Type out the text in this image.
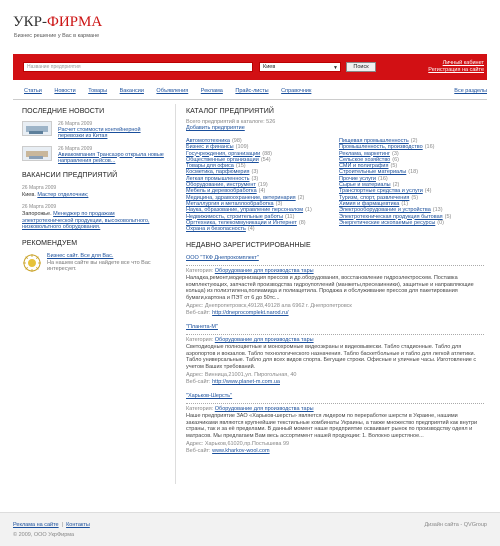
УКР-ФИРМА
Бизнес решение у Вас в кармане
Название предприятия	Киев	▼	Поиск
Личный кабинет
Регистрация на сайте
Статьи Новости Товары Вакансии Объявления Реклама Прайс-листы Справочник	Все разделы
ПОСЛЕДНИЕ НОВОСТИ
26 Марта 2009
Расчет стоимости контейнерной перевозки из Китая
26 Марта 2009
Авиакомпания Трансаэро открыла новые направления рейсов...
ВАКАНСИИ ПРЕДПРИЯТИЙ
26 Марта 2009
Киев. Мастер отделочник;
26 Марта 2009
Запорожье. Менеджер по продажам электротехнической продукции, высоковольтного, низковольтного оборудования.
РЕКОМЕНДУЕМ
Бизнес сайт. Все для Вас.
На нашем сайте вы найдете все что Вас интересует.
КАТАЛОГ ПРЕДПРИЯТИЙ
Всего предприятий в каталоге: 526
Добавить предприятие
Автомототехника (98)
Бизнес и финансы (109)
Госучреждения, организации (88)
Общественные организации (54)
Товары для офиса (15)
Косметика, парфюмерия (3)
Легкая промышленность (3)
Оборудование, инструмент (19)
Мебель и деревообработка (4)
Медицина, здравоохранение, ветеринария (2)
Металлургия и металлообработка (3)
Наука, образование, управление персоналом (1)
Недвижимость, строительные работы (11)
Оргтехника, телекоммуникации и Интернет (8)
Охрана и безопасность (4)
Пищевая промышленность (2)
Промышленность, производство (16)
Реклама, маркетинг (3)
Сельское хозяйство (6)
СМИ и полиграфия (5)
Строительные материалы (18)
Прочие услуги (16)
Сырье и материалы (2)
Транспортные средства и услуги (4)
Туризм, спорт, развлечения (5)
Химия и фармацевтика (1)
Электрооборудование и устройства (13)
Электротехническая продукция бытовая (5)
Энергетические ископаемые ресурсы (0)
НЕДАВНО ЗАРЕГИСТРИРОВАННЫЕ
ООО "ТКФ Днепрокомплект"
Категория: Оборудование для производства тары
Наладка,ремонт,модернизация прессов и др.оборудования, восстановление гидроэлектросхем. Поставка комплектующих, запчастей производства гидроупотлений (манжеты,пресеаинники), защитные и направляющие кольца) из полиэтилена,полиамида и полиацетила. Продажа и обслуживание прессов для пакетирования бумаги,картона и ПЭТ от 6 до 50тс...
Адрес: Днепропетровск,49128,49128 ала 6962 г. Днепропетровск
Веб-сайт: http://dneprocomplekt.narod.ru/
"Планета-М"
Категория: Оборудование для производства тары
Светодиодные полноцветные и монохромные видеоэкраны и видеовывески. Табло стадионные. Табло для аэропортов и вокзалов. Табло технологического назначения. Табло баскетбольные и табло для легкой атлетики. Табло универсальные. Табло для всех видов спорта. Бегущие строки. Офисные и уличные часы. Изготовление с учетом Ваших требований.
Адрес: Винница,21001,ул. Пирогольная, 40
Веб-сайт: http://www.planet-m.com.ua
"Харьков-Шерсть"
Категория: Оборудование для производства тары
Наше предприятие ЗАО «Харьков-шерсть» является лидером по переработке шерсти в Украине, нашими заказчиками являются крупнейшие текстильные комбинаты Украины, а также множество предприятий как внутри страны, так и за её пределами. В данный момент наше предприятие осваивает рынок по производству одеял и матрасов. Мы предлагаем Вам весь ассортимент нашей продукции: 1. Волокно шерстяное...
Адрес: Харьков,61020,пр.Постышева 99
Веб-сайт: www.kharkov-wool.com
Реклама на сайте | Контакты
© 2009, ООО УкрФирма
Дизайн сайта - QVGroup
